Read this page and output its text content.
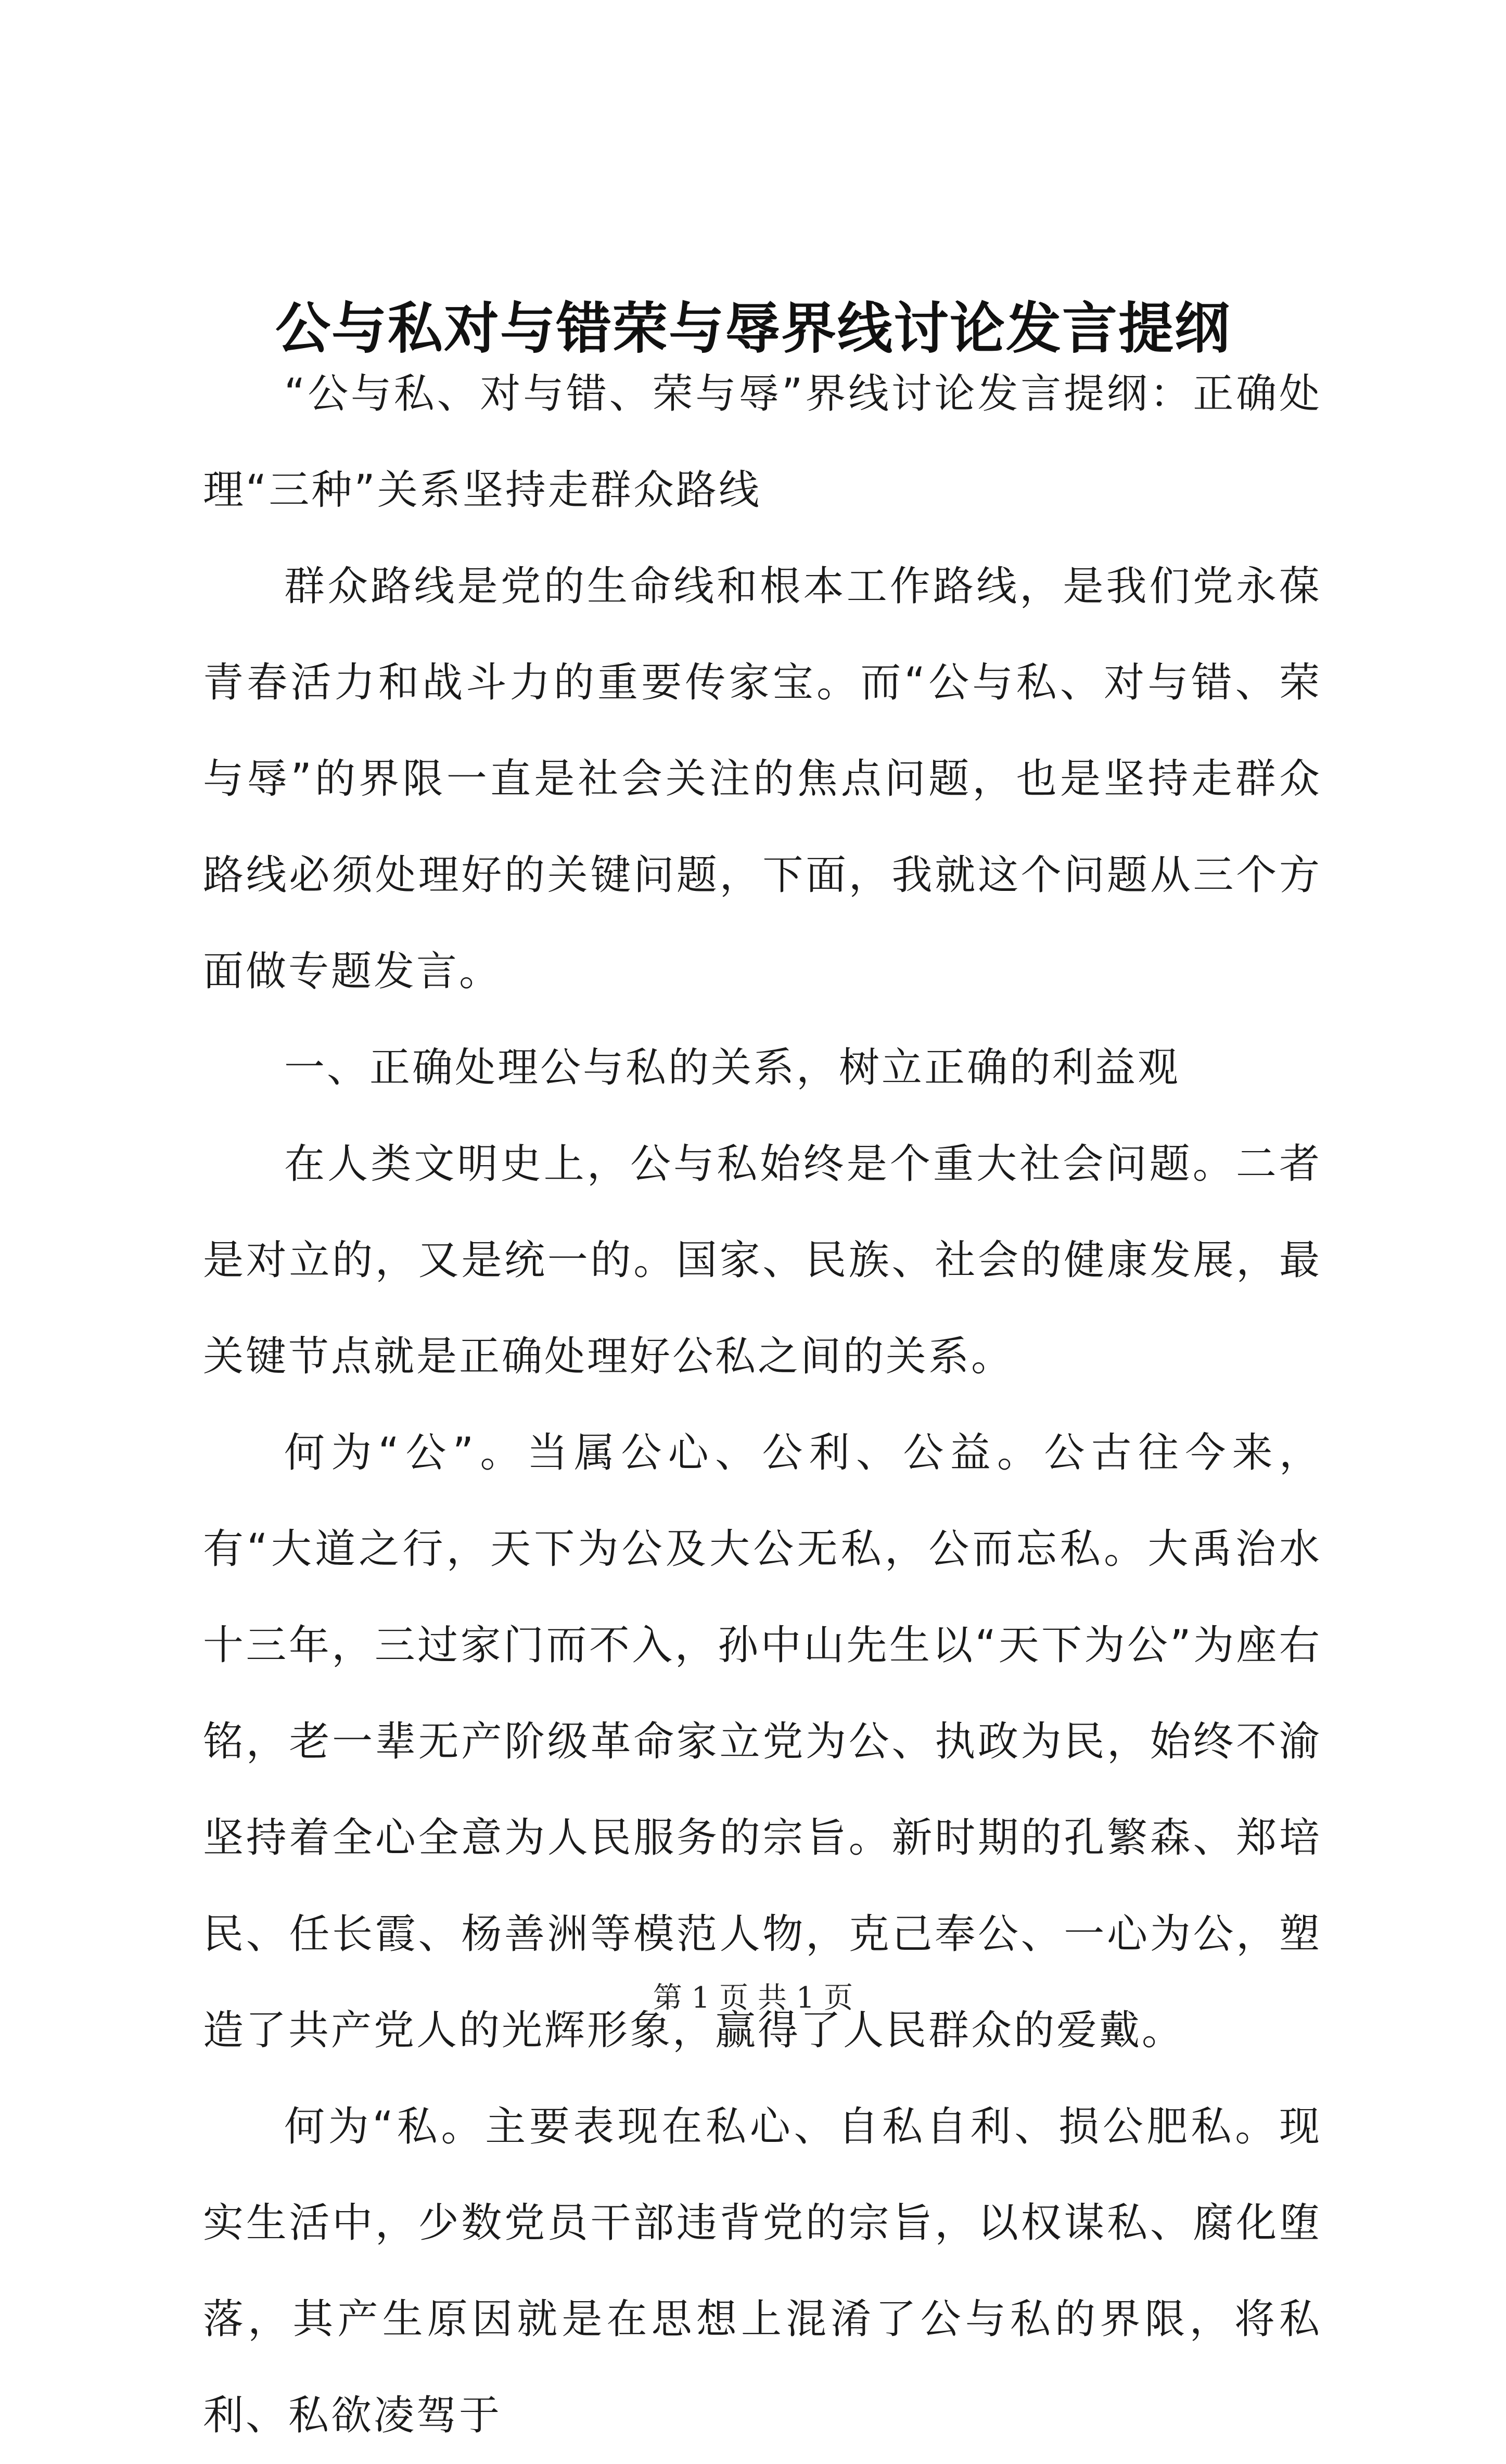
公与私对与错荣与辱界线讨论发言提纲

“公与私、对与错、荣与辱”界线讨论发言提纲：正确处理“三种”关系坚持走群众路线

群众路线是党的生命线和根本工作路线，是我们党永葆青春活力和战斗力的重要传家宝。而“公与私、对与错、荣与辱”的界限一直是社会关注的焦点问题，也是坚持走群众路线必须处理好的关键问题，下面，我就这个问题从三个方面做专题发言。

一、正确处理公与私的关系，树立正确的利益观

在人类文明史上，公与私始终是个重大社会问题。二者是对立的，又是统一的。国家、民族、社会的健康发展，最关键节点就是正确处理好公私之间的关系。

何为“公”。当属公心、公利、公益。公古往今来，有“大道之行，天下为公及大公无私，公而忘私。大禹治水十三年，三过家门而不入，孙中山先生以“天下为公”为座右铭，老一辈无产阶级革命家立党为公、执政为民，始终不渝坚持着全心全意为人民服务的宗旨。新时期的孔繁森、郑培民、任长霞、杨善洲等模范人物，克己奉公、一心为公，塑造了共产党人的光辉形象，赢得了人民群众的爱戴。

何为“私。主要表现在私心、自私自利、损公肥私。现实生活中，少数党员干部违背党的宗旨，以权谋私、腐化堕落，其产生原因就是在思想上混淆了公与私的界限，将私利、私欲凌驾于

第 1 页 共 1 页
